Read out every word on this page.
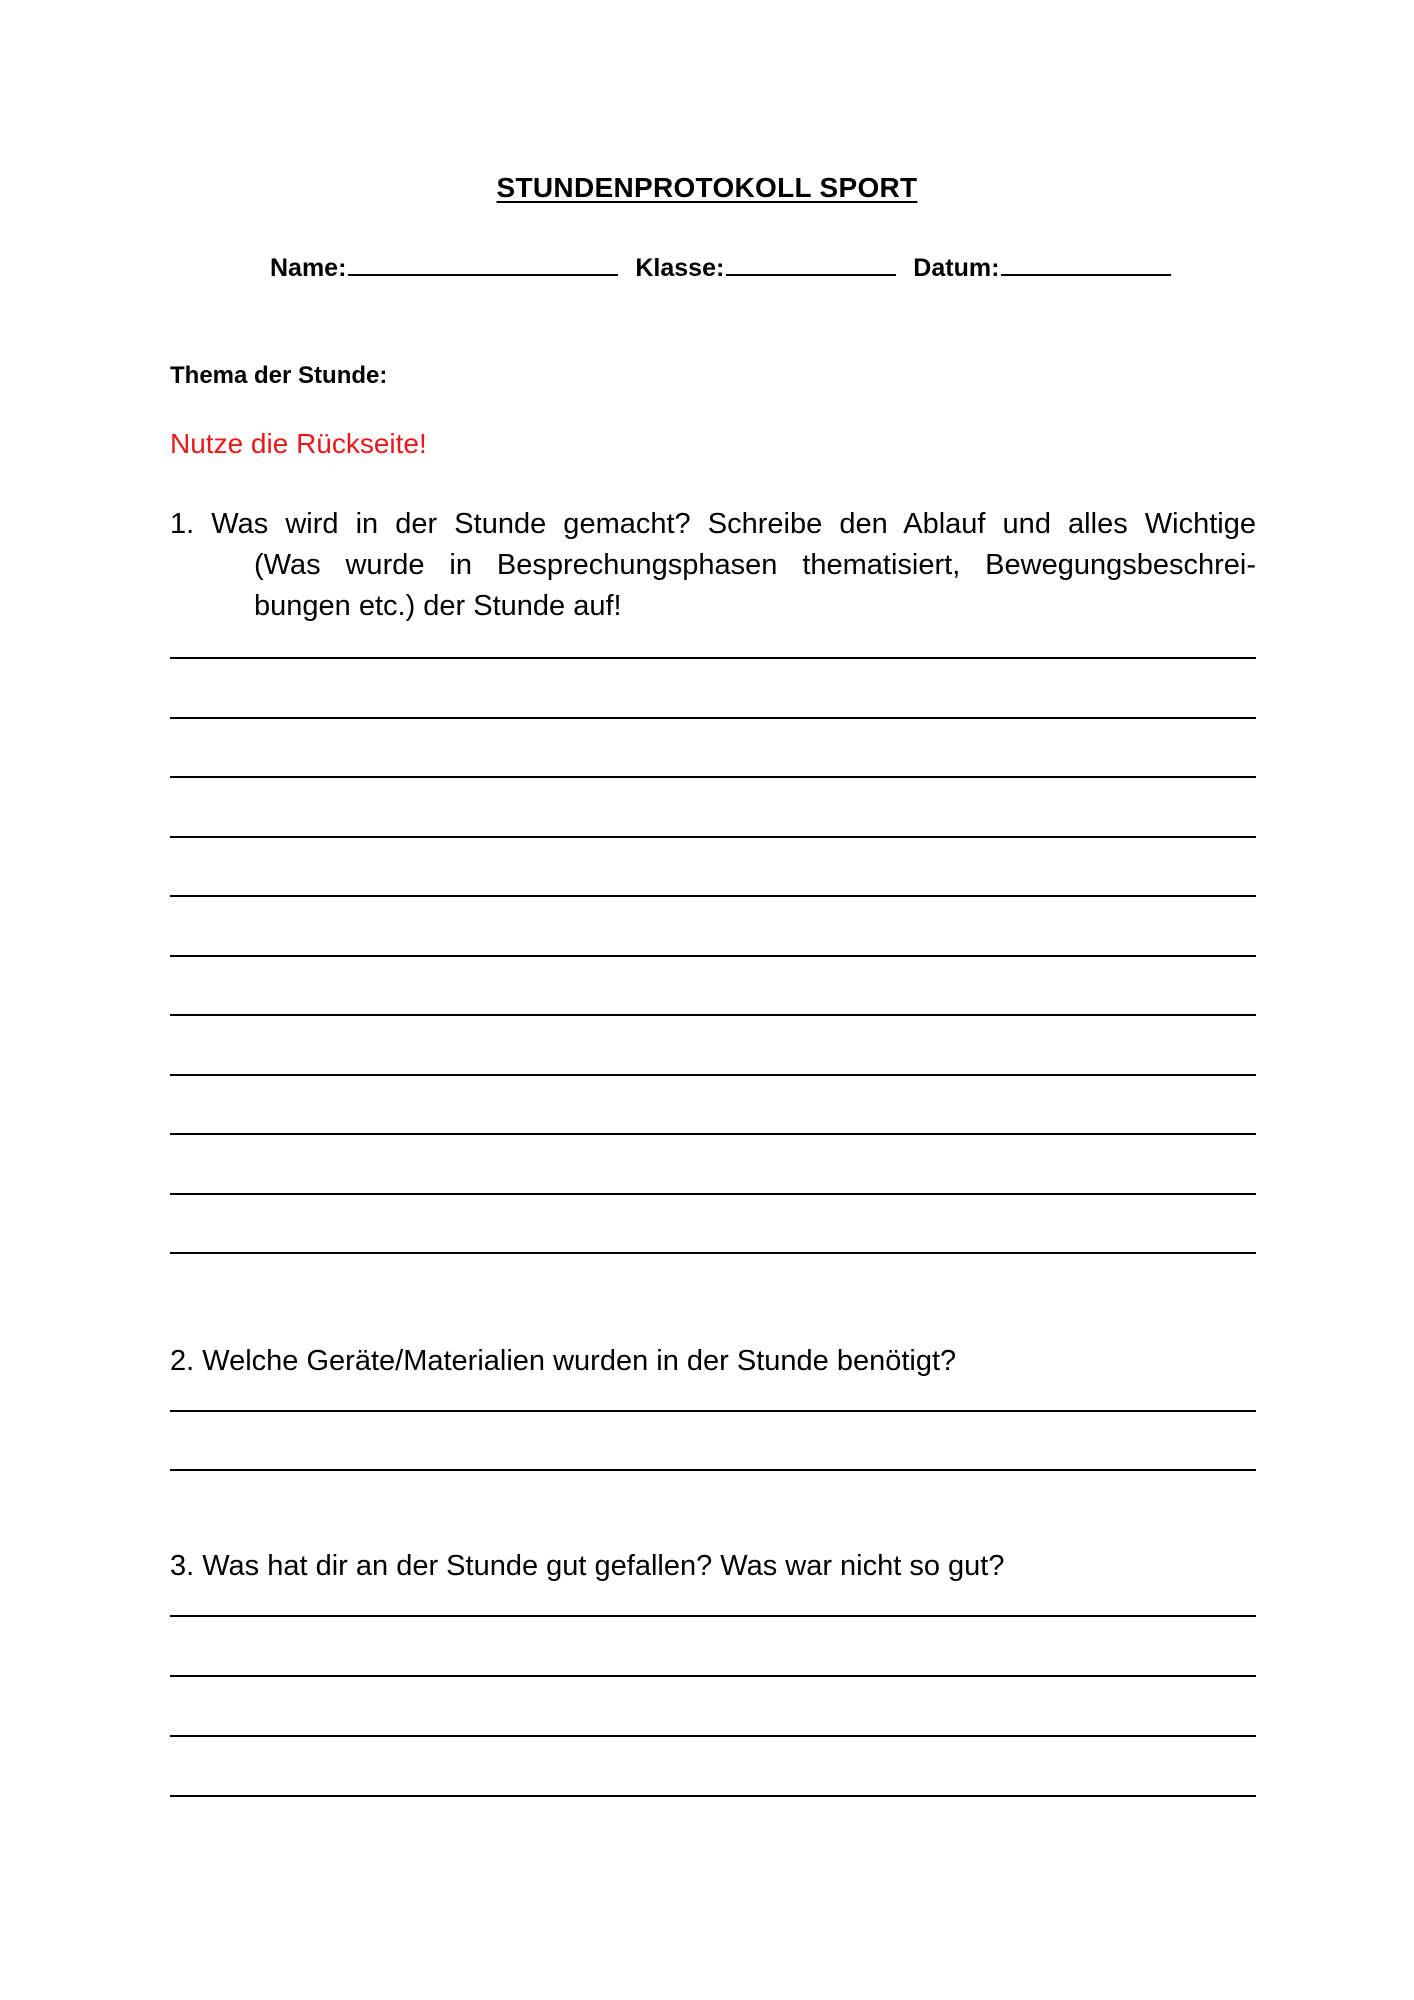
STUNDENPROTOKOLL SPORT
Name:	Klasse:	Datum:
Thema der Stunde:
Nutze die Rückseite!
1. Was wird in der Stunde gemacht? Schreibe den Ablauf und alles Wichtige
(Was wurde in Besprechungsphasen thematisiert, Bewegungsbeschrei-bungen etc.) der Stunde auf!
2. Welche Geräte/Materialien wurden in der Stunde benötigt?
3. Was hat dir an der Stunde gut gefallen? Was war nicht so gut?
